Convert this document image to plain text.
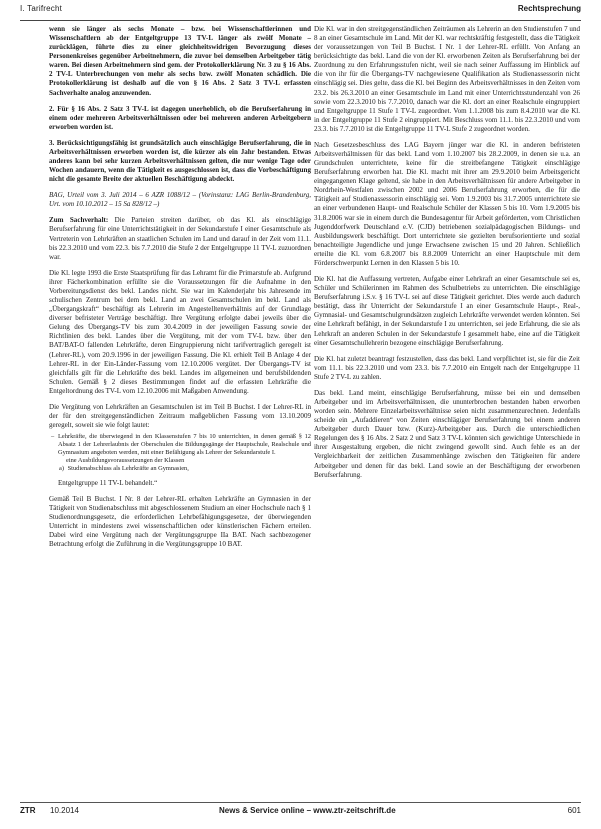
I. Tarifrecht	Rechtsprechung

wenn sie länger als sechs Monate – bzw. bei Wissenschaftlerinnen und Wissenschaftlern ab der Entgeltgruppe 13 TV-L länger als zwölf Monate – zurücklägen, führte dies zu einer gleichheitswidrigen Bevorzugung dieses Personenkreises gegenüber Arbeitnehmern, die zuvor bei demselben Arbeitgeber tätig waren. Bei diesen Arbeitnehmern sind gem. der Protokollerklärung Nr. 3 zu § 16 Abs. 2 TV-L Unterbrechungen von mehr als sechs bzw. zwölf Monaten schädlich. Die Protokollerklärung ist deshalb auf die von § 16 Abs. 2 Satz 3 TV-L erfassten Sachverhalte analog anzuwenden.

2. Für § 16 Abs. 2 Satz 3 TV-L ist dagegen unerheblich, ob die Berufserfahrung in einem oder mehreren Arbeitsverhältnissen oder bei mehreren anderen Arbeitgebern erworben worden ist.

3. Berücksichtigungsfähig ist grundsätzlich auch einschlägige Berufserfahrung, die in Arbeitsverhältnissen erworben worden ist, die kürzer als ein Jahr bestanden. Etwas anderes kann bei sehr kurzen Arbeitsverhältnissen gelten, die nur wenige Tage oder Wochen andauern, wenn die Tätigkeit es ausgeschlossen ist, dass die Vorbeschäftigung nicht die gesamte Breite der aktuellen Beschäftigung abdeckt.

BAG, Urteil vom 3. Juli 2014 – 6 AZR 1088/12 – (Vorinstanz: LAG Berlin-Brandenburg, Urt. vom 10.10.2012 – 15 Sa 828/12 –)

Zum Sachverhalt: Die Parteien streiten darüber, ob das Kl. als einschlägige Berufserfahrung für eine Unterrichtstätigkeit in der Sekundarstufe I einer Gesamtschule als Vertreterin von Lehrkräften an staatlichen Schulen im Land und darauf in der Zeit vom 11.1. bis 22.3.2010 und vom 22.3. bis 7.7.2010 die Stufe 2 der Entgeltgruppe 11 TV-L zuzuordnen war.

Die Kl. legte 1993 die Erste Staatsprüfung für das Lehramt für die Primarstufe ab. Aufgrund ihrer Fächerkombination erfüllte sie die Voraussetzungen für die Aufnahme in den Vorbereitungsdienst des bekl. Landes nicht. Sie war im Kalenderjahr bis Jahresende im schulischen Zentrum bei dem bekl. Land an zwei Gesamtschulen im bekl. Land als „Übergangskraft“ beschäftigt als Lehrerin im Angestelltenverhältnis auf der Grundlage diverser befristeter Verträge beschäftigt. Ihre Vergütung erfolgte dabei jeweils über die Gelung des Übergangs-TV bis zum 30.4.2009 in der jeweiligen Fassung sowie der Richtlinien des bekl. Landes über die Vergütung, mit der vom TV-L bzw. über den BAT/BAT-O fallenden Lehrkräfte, deren Eingruppierung nicht tarifvertraglich geregelt ist (Lehrer-RL), vom 20.9.1996 in der jeweiligen Fassung. Die Kl. erhielt Teil B Anlage 4 der Lehrer-RL in der Ein-Länder-Fassung vom 12.10.2006 vergütet. Der Übergangs-TV ist gleichfalls gilt für die Lehrkräfte des bekl. Landes im allgemeinen und berufsbildenden Schulen. Gemäß § 2 dieses Bestimmungen findet auf die erfassten Lehrkräfte die Entgeltordnung des TV-L vom 12.10.2006 mit Maßgaben Anwendung.

Die Vergütung von Lehrkräften an Gesamtschulen ist im Teil B Buchst. I der Lehrer-RL in der für den streitgegenständlichen Zeitraum maßgeblichen Fassung vom 13.10.2009 geregelt, soweit sie wie folgt lautet:

– Lehrkräfte, die überwiegend in den Klassenstufen 7 bis 10 unterrichten, in denen gemäß § 12 Absatz 1 der Lehrerlaubnis der Oberschulen die Bildungsgänge der Hauptschule, Realschule und Gymnasium angeboten werden, mit einer Befähigung als Lehrer der Sekundarstufe I.
eine Ausbildungsvoraussetzungen der Klassen
a) Studienabschluss als Lehrkräfte an Gymnasien,

Entgeltgruppe 11 TV-L behandelt.“

Gemäß Teil B Buchst. I Nr. 8 der Lehrer-RL erhalten Lehrkräfte an Gymnasien in der Tätigkeit von Studienabschluss mit abgeschlossenem Studium an einer Hochschule nach § 1 Studienordnungsgesetz, die erforderlichen Lehrbefähigungsgesetze, der überwiegenden Unterricht in mindestens zwei wissenschaftlichen oder künstlerischen Fächern erteilen. Dabei wird eine Vergütung nach der Vergütungsgruppe IIa BAT. Nach sachbezogener Betrachtung erfolgt die Zuführung in die Vergütungsgruppe 10 BAT.

Die Kl. war in den streitgegenständlichen Zeiträumen als Lehrerin an den Studienstufen 7 und 8 an einer Gesamtschule im Land. Mit der Kl. war rechtskräftig festgestellt, dass die Tätigkeit der voraussetzungen von Teil B Buchst. I Nr. 1 der Lehrer-RL erfüllt. Von Anfang an berücksichtigte das bekl. Land die von der Kl. erworbenen Zeiten als Berufserfahrung bei der Zuordnung zu den Erfahrungsstufen nicht, weil sie nach seiner Auffassung im Hinblick auf die von ihr für die Übergangs-TV nachgewiesene Qualifikation als Studienassessorin nicht einschlägig sei. Dies gelte, dass die Kl. bei Beginn des Arbeitsverhältnisses in den Zeiten vom 23.2. bis 26.3.2010 an einer Gesamtschule im Land mit einer Unterrichtsstundenzahl von 26 sowie vom 22.3.2010 bis 7.7.2010, danach war die Kl. dort an einer Realschule eingruppiert und Entgeltgruppe 11 Stufe 1 TV-L zugeordnet. Vom 1.1.2008 bis zum 8.4.2010 war die Kl. in der Entgeltgruppe 11 Stufe 2 eingruppiert. Mit Beschluss vom 11.1. bis 22.3.2010 und vom 23.3. bis 7.7.2010 ist die Entgeltgruppe 11 TV-L Stufe 2 zugeordnet worden.

Nach Gesetzesbeschluss des LAG Bayern jünger war die Kl. in anderen befristeten Arbeitsverhältnissen für das bekl. Land vom 1.10.2007 bis 28.2.2009, in denen sie u.a. an Grundschulen unterrichtete, keine für die streitbefangene Tätigkeit einschlägige Berufserfahrung erworben hat. Die Kl. macht mit ihrer am 29.9.2010 beim Arbeitsgericht eingegangenen Klage geltend, sie habe in den Arbeitsverhältnissen für andere Arbeitgeber in Nordrhein-Westfalen zwischen 2002 und 2006 Berufserfahrung erworben, die für die Tätigkeit auf Studienassessorin einschlägig sei. Vom 1.9.2003 bis 31.7.2005 unterrichtete sie an einer verbundenen Haupt- und Realschule Schüler der Klassen 5 bis 10. Vom 1.9.2005 bis 31.8.2006 war sie in einem durch die Bundesagentur für Arbeit geförderten, vom Christlichen Jugenddorfwerk Deutschland e.V. (CJD) betriebenen sozialpädagogischen Bildungs- und Ausbildungswerk beschäftigt. Dort unterrichtete sie gezielten berufsorientierte und sozial benachteiligte Jugendliche und junge Erwachsene zwischen 15 und 20 Jahren. Schließlich erteilte die Kl. vom 6.8.2007 bis 8.8.2009 Unterricht an einer Hauptschule mit dem Förderschwerpunkt Lernen in den Klassen 5 bis 10.

Die Kl. hat die Auffassung vertreten, Aufgabe einer Lehrkraft an einer Gesamtschule sei es, Schüler und Schülerinnen im Rahmen des Schulbetriebs zu unterrichten. Die einschlägige Berufserfahrung i.S.v. § 16 TV-L sei auf diese Tätigkeit gerichtet. Dies werde auch dadurch bestätigt, dass ihr Unterricht der Sekundarstufe I an einer Gesamtschule Haupt-, Real-, Gymnasial- und Gesamtschulgrundsätzen zugleich Lehrkräfte verwendet werden könnten. Sei eine Lehrkraft befähigt, in der Sekundarstufe I zu unterrichten, sei jede Erfahrung, die sie als Lehrkraft an anderen Schulen in der Sekundarstufe I gesammelt habe, eine auf die Tätigkeit einer Gesamtschullehrerin bezogene einschlägige Berufserfahrung.

Die Kl. hat zuletzt beantragt festzustellen, dass das bekl. Land verpflichtet ist, sie für die Zeit vom 11.1. bis 22.3.2010 und vom 23.3. bis 7.7.2010 ein Entgelt nach der Entgeltgruppe 11 Stufe 2 TV-L zu zahlen.

Das bekl. Land meint, einschlägige Berufserfahrung, müsse bei ein und demselben Arbeitgeber und im Arbeitsverhältnissen, die ununterbrochen bestanden haben erworben worden sein. Mehrere Einzelarbeitsverhältnisse seien nicht zusammenzurechnen. Jedenfalls scheide ein „Aufaddieren“ von Zeiten einschlägiger Berufserfahrung bei einem anderen Arbeitgeber durch Dauer bzw. (Kurz)-Arbeitgeber aus. Durch die unterschiedlichen Regelungen des § 16 Abs. 2 Satz 2 und Satz 3 TV-L könnten sich gewichtige Unterschiede in ihrer Ausgestaltung ergeben, die nicht zwingend gewollt sind. Auch fehle es an der Vergleichbarkeit der zeitlichen Zusammenhänge zwischen den Tätigkeiten für andere Arbeitgeber und denen für das bekl. Land sowie an der Beschäftigung der erworbenen Berufserfahrung.

ZTR 10.2014	News & Service online – www.ztr-zeitschrift.de	601
